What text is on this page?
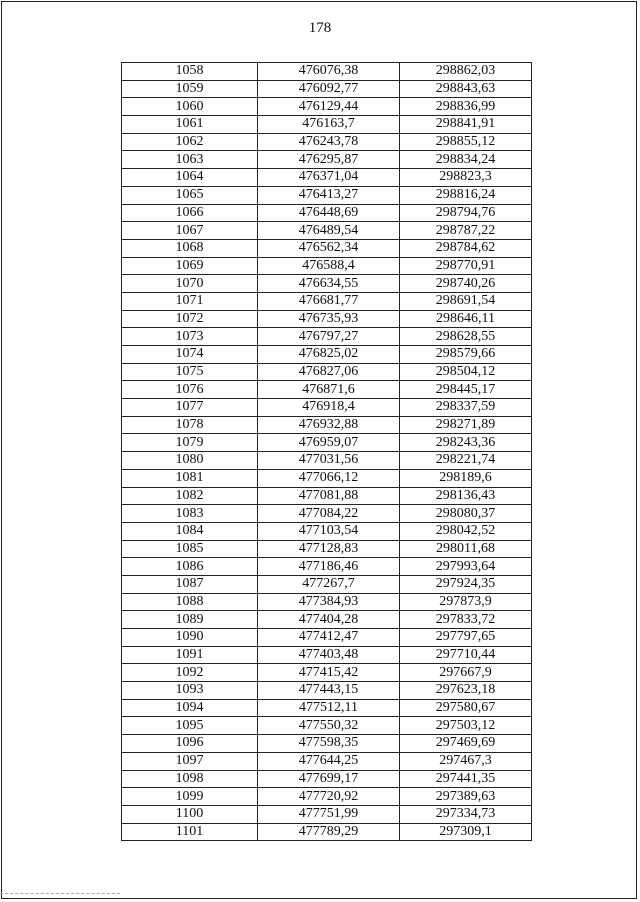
178
1058	476076,38	298862,03
1059	476092,77	298843,63
1060	476129,44	298836,99
1061	476163,7	298841,91
1062	476243,78	298855,12
1063	476295,87	298834,24
1064	476371,04	298823,3
1065	476413,27	298816,24
1066	476448,69	298794,76
1067	476489,54	298787,22
1068	476562,34	298784,62
1069	476588,4	298770,91
1070	476634,55	298740,26
1071	476681,77	298691,54
1072	476735,93	298646,11
1073	476797,27	298628,55
1074	476825,02	298579,66
1075	476827,06	298504,12
1076	476871,6	298445,17
1077	476918,4	298337,59
1078	476932,88	298271,89
1079	476959,07	298243,36
1080	477031,56	298221,74
1081	477066,12	298189,6
1082	477081,88	298136,43
1083	477084,22	298080,37
1084	477103,54	298042,52
1085	477128,83	298011,68
1086	477186,46	297993,64
1087	477267,7	297924,35
1088	477384,93	297873,9
1089	477404,28	297833,72
1090	477412,47	297797,65
1091	477403,48	297710,44
1092	477415,42	297667,9
1093	477443,15	297623,18
1094	477512,11	297580,67
1095	477550,32	297503,12
1096	477598,35	297469,69
1097	477644,25	297467,3
1098	477699,17	297441,35
1099	477720,92	297389,63
1100	477751,99	297334,73
1101	477789,29	297309,1
